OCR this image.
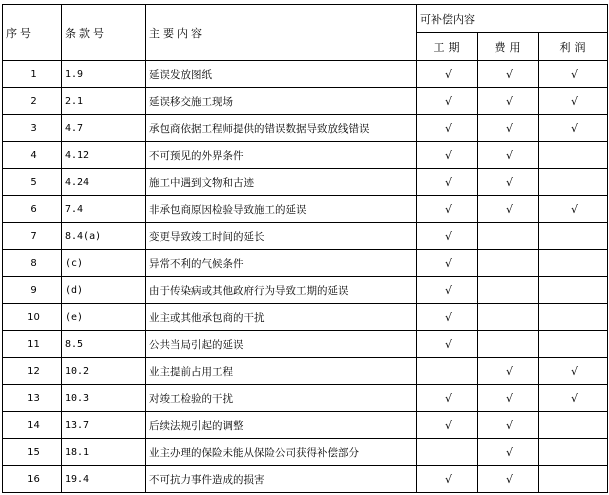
序号	条款号	主要内容	可补偿内容		
			工期	费用	利润
1	1.9	延误发放图纸	√	√	√
2	2.1	延误移交施工现场	√	√	√
3	4.7	承包商依据工程师提供的错误数据导致放线错误	√	√	√
4	4.12	不可预见的外界条件	√	√	
5	4.24	施工中遇到文物和古迹	√	√	
6	7.4	非承包商原因检验导致施工的延误	√	√	√
7	8.4(a)	变更导致竣工时间的延长	√		
8	(c)	异常不利的气候条件	√		
9	(d)	由于传染病或其他政府行为导致工期的延误	√		
10	(e)	业主或其他承包商的干扰	√		
11	8.5	公共当局引起的延误	√		
12	10.2	业主提前占用工程		√	√
13	10.3	对竣工检验的干扰	√	√	√
14	13.7	后续法规引起的调整	√	√	
15	18.1	业主办理的保险未能从保险公司获得补偿部分		√	
16	19.4	不可抗力事件造成的损害	√	√	
